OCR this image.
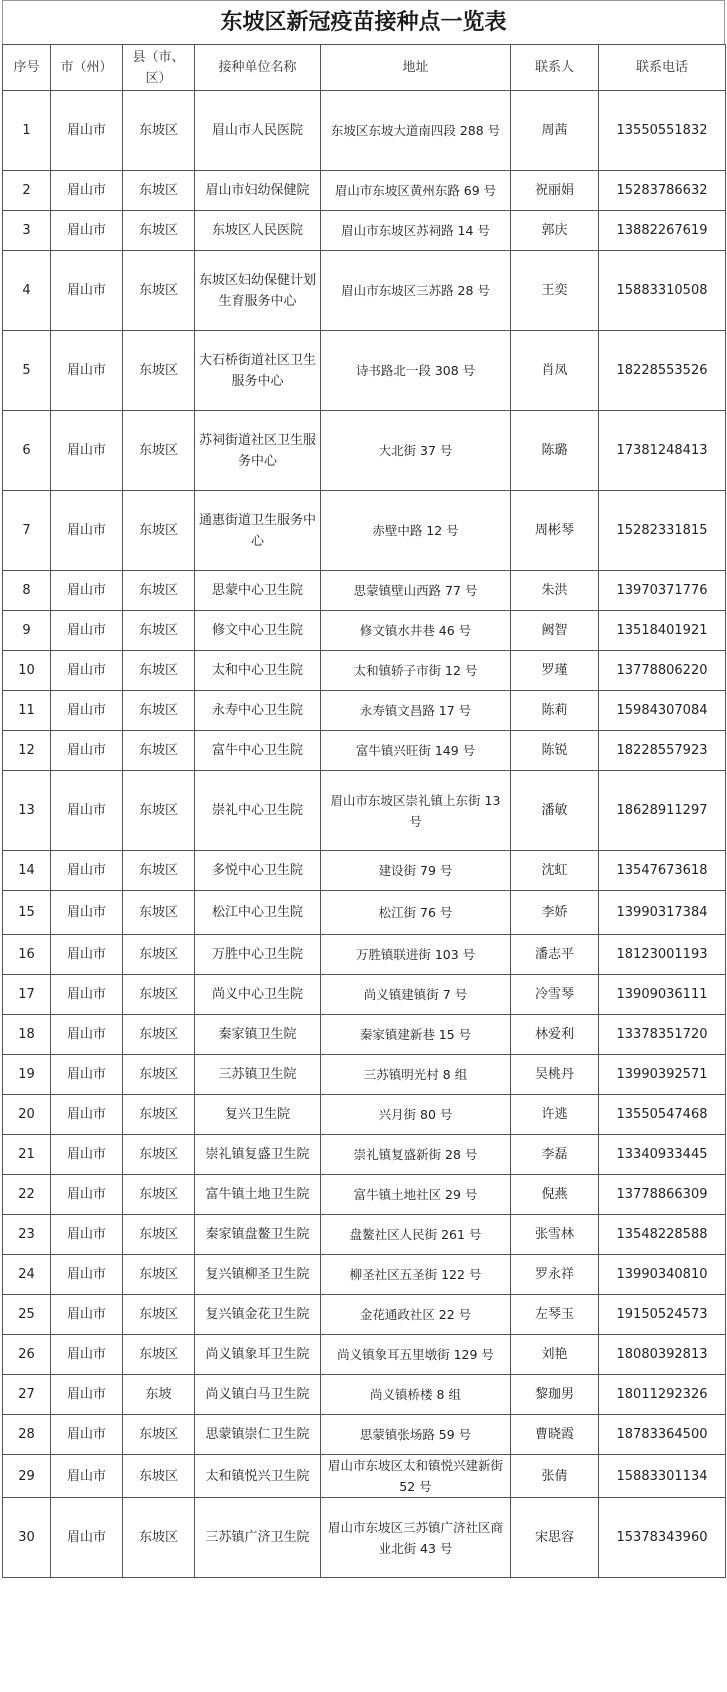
东坡区新冠疫苗接种点一览表
序号	市（州）	县（市、区）	接种单位名称	地址	联系人	联系电话
1	眉山市	东坡区	眉山市人民医院	东坡区东坡大道南四段 288 号	周茜	13550551832
2	眉山市	东坡区	眉山市妇幼保健院	眉山市东坡区黄州东路 69 号	祝丽娟	15283786632
3	眉山市	东坡区	东坡区人民医院	眉山市东坡区苏祠路 14 号	郭庆	13882267619
4	眉山市	东坡区	东坡区妇幼保健计划生育服务中心	眉山市东坡区三苏路 28 号	王奕	15883310508
5	眉山市	东坡区	大石桥街道社区卫生服务中心	诗书路北一段 308 号	肖凤	18228553526
6	眉山市	东坡区	苏祠街道社区卫生服务中心	大北街 37 号	陈璐	17381248413
7	眉山市	东坡区	通惠街道卫生服务中心	赤壁中路 12 号	周彬琴	15282331815
8	眉山市	东坡区	思蒙中心卫生院	思蒙镇壁山西路 77 号	朱洪	13970371776
9	眉山市	东坡区	修文中心卫生院	修文镇水井巷 46 号	阙智	13518401921
10	眉山市	东坡区	太和中心卫生院	太和镇轿子市街 12 号	罗瑾	13778806220
11	眉山市	东坡区	永寿中心卫生院	永寿镇文昌路 17 号	陈莉	15984307084
12	眉山市	东坡区	富牛中心卫生院	富牛镇兴旺街 149 号	陈锐	18228557923
13	眉山市	东坡区	崇礼中心卫生院	眉山市东坡区崇礼镇上东街 13 号	潘敏	18628911297
14	眉山市	东坡区	多悦中心卫生院	建设街 79 号	沈虹	13547673618
15	眉山市	东坡区	松江中心卫生院	松江街 76 号	李娇	13990317384
16	眉山市	东坡区	万胜中心卫生院	万胜镇联进街 103 号	潘志平	18123001193
17	眉山市	东坡区	尚义中心卫生院	尚义镇建镇街 7 号	冷雪琴	13909036111
18	眉山市	东坡区	秦家镇卫生院	秦家镇建新巷 15 号	林爱利	13378351720
19	眉山市	东坡区	三苏镇卫生院	三苏镇明光村 8 组	吴桃丹	13990392571
20	眉山市	东坡区	复兴卫生院	兴月街 80 号	许逃	13550547468
21	眉山市	东坡区	崇礼镇复盛卫生院	崇礼镇复盛新街 28 号	李磊	13340933445
22	眉山市	东坡区	富牛镇土地卫生院	富牛镇土地社区 29 号	倪燕	13778866309
23	眉山市	东坡区	秦家镇盘鳌卫生院	盘鳌社区人民街 261 号	张雪林	13548228588
24	眉山市	东坡区	复兴镇柳圣卫生院	柳圣社区五圣街 122 号	罗永祥	13990340810
25	眉山市	东坡区	复兴镇金花卫生院	金花通政社区 22 号	左琴玉	19150524573
26	眉山市	东坡区	尚义镇象耳卫生院	尚义镇象耳五里墩街 129 号	刘艳	18080392813
27	眉山市	东坡	尚义镇白马卫生院	尚义镇桥楼 8 组	黎珈男	18011292326
28	眉山市	东坡区	思蒙镇崇仁卫生院	思蒙镇张场路 59 号	曹晓霞	18783364500
29	眉山市	东坡区	太和镇悦兴卫生院	眉山市东坡区太和镇悦兴建新街 52 号	张倩	15883301134
30	眉山市	东坡区	三苏镇广济卫生院	眉山市东坡区三苏镇广济社区商业北街 43 号	宋思容	15378343960
